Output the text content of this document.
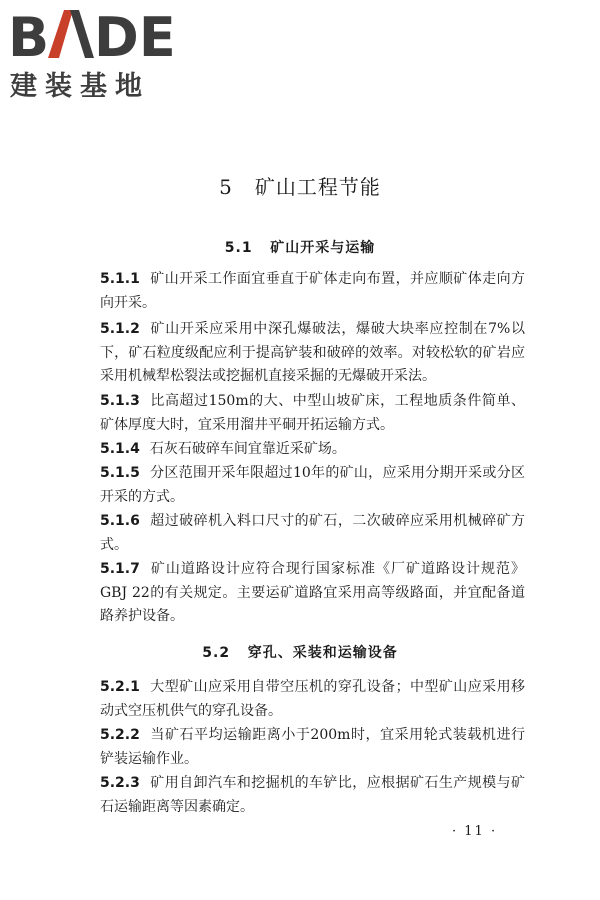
B DE
建装基地
5   矿山工程节能
5.1   矿山开采与运输
5.1.1 矿山开采工作面宜垂直于矿体走向布置，并应顺矿体走向方向开采。
5.1.2 矿山开采应采用中深孔爆破法，爆破大块率应控制在7%以下，矿石粒度级配应利于提高铲装和破碎的效率。对较松软的矿岩应采用机械犁松裂法或挖掘机直接采掘的无爆破开采法。
5.1.3 比高超过150m的大、中型山坡矿床，工程地质条件简单、矿体厚度大时，宜采用溜井平硐开拓运输方式。
5.1.4 石灰石破碎车间宜靠近采矿场。
5.1.5 分区范围开采年限超过10年的矿山，应采用分期开采或分区开采的方式。
5.1.6 超过破碎机入料口尺寸的矿石，二次破碎应采用机械碎矿方式。
5.1.7 矿山道路设计应符合现行国家标准《厂矿道路设计规范》GBJ 22的有关规定。主要运矿道路宜采用高等级路面，并宜配备道路养护设备。
5.2   穿孔、采装和运输设备
5.2.1 大型矿山应采用自带空压机的穿孔设备；中型矿山应采用移动式空压机供气的穿孔设备。
5.2.2 当矿石平均运输距离小于200m时，宜采用轮式装载机进行铲装运输作业。
5.2.3 矿用自卸汽车和挖掘机的车铲比，应根据矿石生产规模与矿石运输距离等因素确定。
· 11 ·
